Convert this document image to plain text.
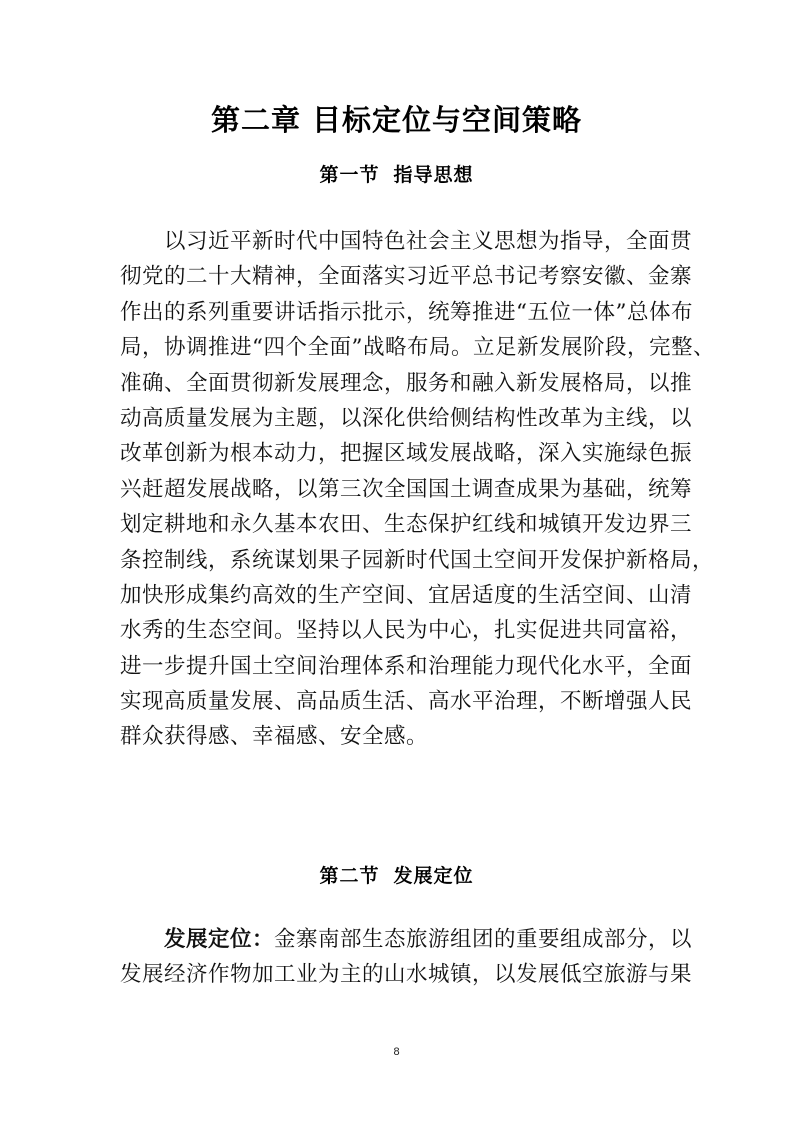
第二章 目标定位与空间策略
第一节 指导思想
　　以习近平新时代中国特色社会主义思想为指导，全面贯
彻党的二十大精神，全面落实习近平总书记考察安徽、金寨
作出的系列重要讲话指示批示，统筹推进“五位一体”总体布
局，协调推进“四个全面”战略布局。立足新发展阶段，完整、
准确、全面贯彻新发展理念，服务和融入新发展格局，以推
动高质量发展为主题，以深化供给侧结构性改革为主线，以
改革创新为根本动力，把握区域发展战略，深入实施绿色振
兴赶超发展战略，以第三次全国国土调查成果为基础，统筹
划定耕地和永久基本农田、生态保护红线和城镇开发边界三
条控制线，系统谋划果子园新时代国土空间开发保护新格局，
加快形成集约高效的生产空间、宜居适度的生活空间、山清
水秀的生态空间。坚持以人民为中心，扎实促进共同富裕，
进一步提升国土空间治理体系和治理能力现代化水平，全面
实现高质量发展、高品质生活、高水平治理，不断增强人民
群众获得感、幸福感、安全感。
第二节 发展定位
　　发展定位：金寨南部生态旅游组团的重要组成部分，以
发展经济作物加工业为主的山水城镇，以发展低空旅游与果
8
